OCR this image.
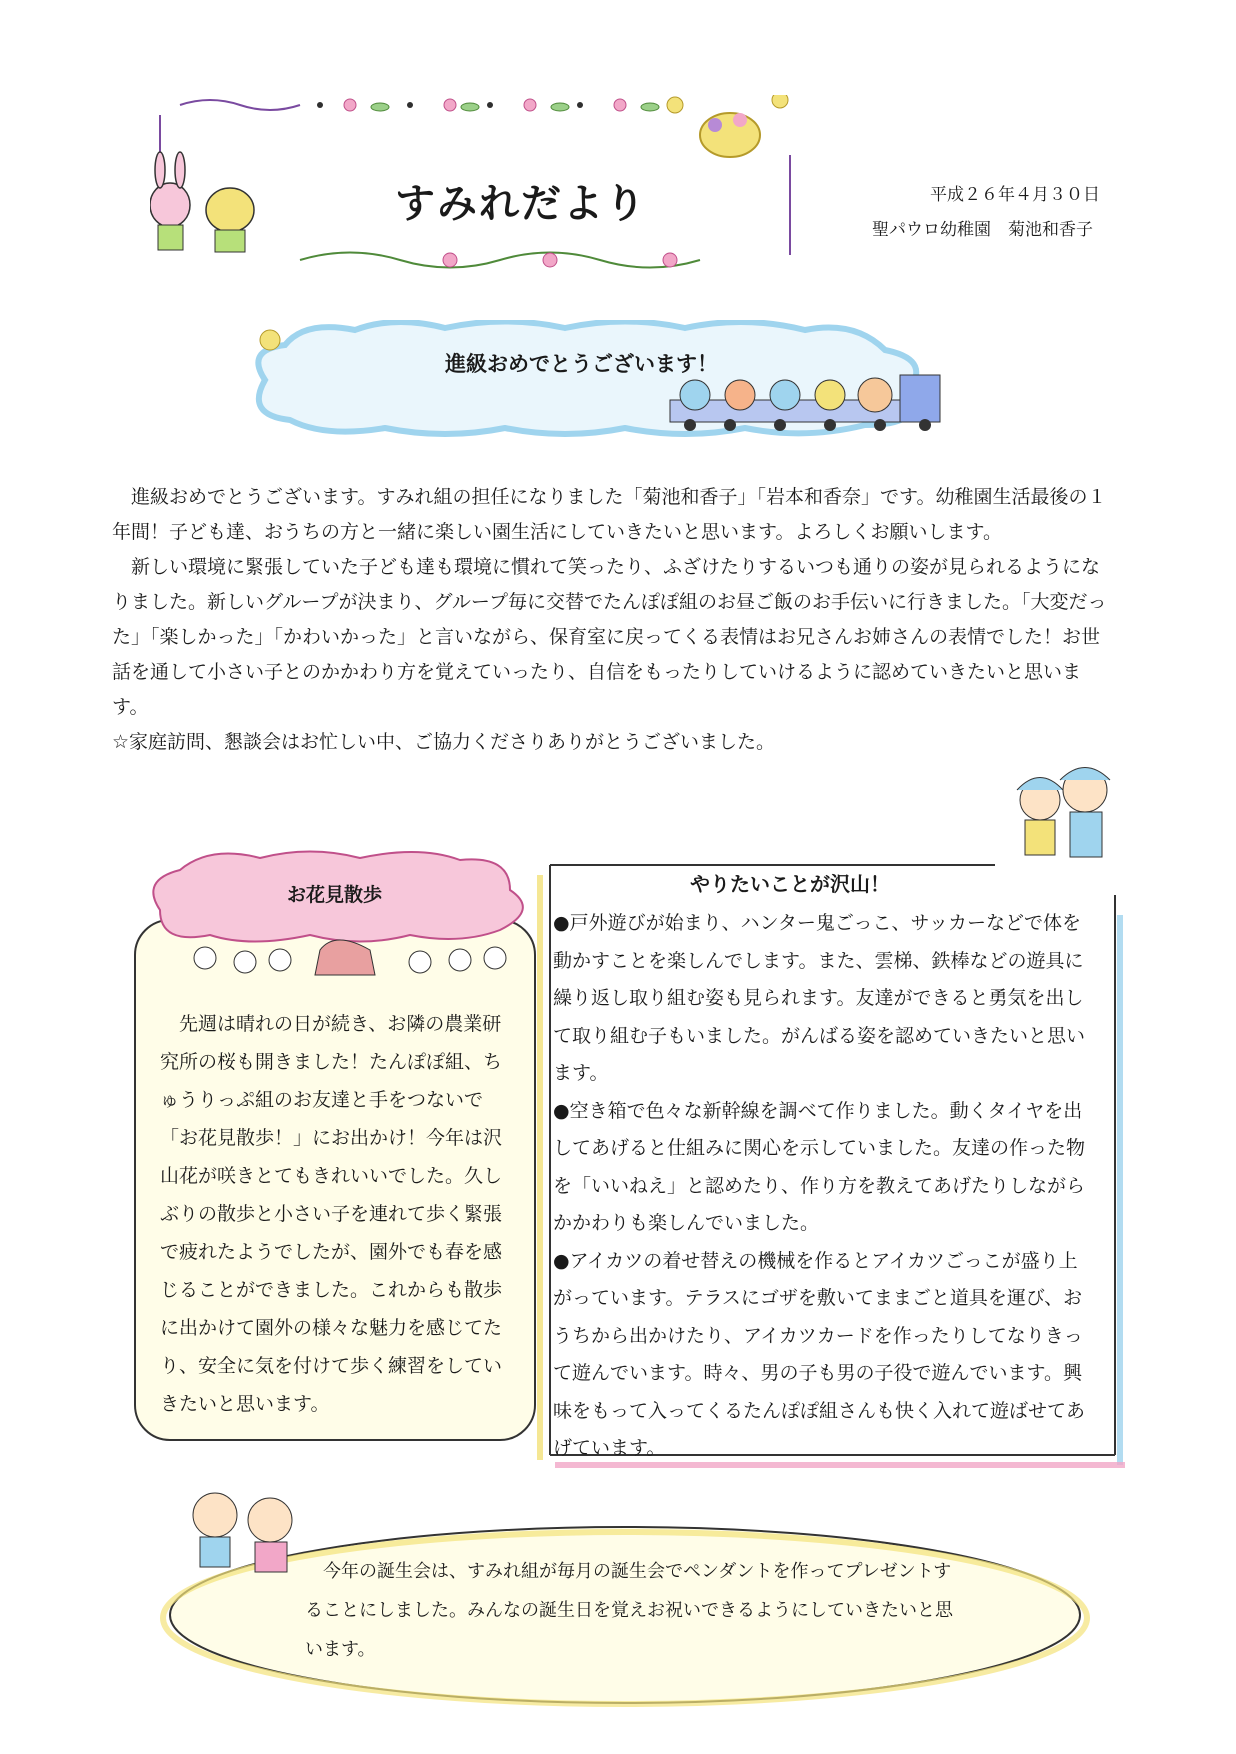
すみれだより	平成２６年４月３０日
聖パウロ幼稚園　菊池和香子
進級おめでとうございます！

進級おめでとうございます。すみれ組の担任になりました「菊池和香子」「岩本和香奈」です。幼稚園生活最後の１年間！子ども達、おうちの方と一緒に楽しい園生活にしていきたいと思います。よろしくお願いします。

新しい環境に緊張していた子ども達も環境に慣れて笑ったり、ふざけたりするいつも通りの姿が見られるようになりました。新しいグループが決まり、グループ毎に交替でたんぽぽ組のお昼ご飯のお手伝いに行きました。「大変だった」「楽しかった」「かわいかった」と言いながら、保育室に戻ってくる表情はお兄さんお姉さんの表情でした！お世話を通して小さい子とのかかわり方を覚えていったり、自信をもったりしていけるように認めていきたいと思います。

☆家庭訪問、懇談会はお忙しい中、ご協力くださりありがとうございました。

お花見散歩

先週は晴れの日が続き、お隣の農業研究所の桜も開きました！たんぽぽ組、ちゅうりっぷ組のお友達と手をつないで「お花見散歩！」にお出かけ！今年は沢山花が咲きとてもきれいいでした。久しぶりの散歩と小さい子を連れて歩く緊張で疲れたようでしたが、園外でも春を感じることができました。これからも散歩に出かけて園外の様々な魅力を感じてたり、安全に気を付けて歩く練習をしていきたいと思います。

やりたいことが沢山！

●戸外遊びが始まり、ハンター鬼ごっこ、サッカーなどで体を動かすことを楽しんでします。また、雲梯、鉄棒などの遊具に繰り返し取り組む姿も見られます。友達ができると勇気を出して取り組む子もいました。がんばる姿を認めていきたいと思います。

●空き箱で色々な新幹線を調べて作りました。動くタイヤを出してあげると仕組みに関心を示していました。友達の作った物を「いいねえ」と認めたり、作り方を教えてあげたりしながらかかわりも楽しんでいました。

●アイカツの着せ替えの機械を作るとアイカツごっこが盛り上がっています。テラスにゴザを敷いてままごと道具を運び、おうちから出かけたり、アイカツカードを作ったりしてなりきって遊んでいます。時々、男の子も男の子役で遊んでいます。興味をもって入ってくるたんぽぽ組さんも快く入れて遊ばせてあげています。

今年の誕生会は、すみれ組が毎月の誕生会でペンダントを作ってプレゼントすることにしました。みんなの誕生日を覚えお祝いできるようにしていきたいと思います。
